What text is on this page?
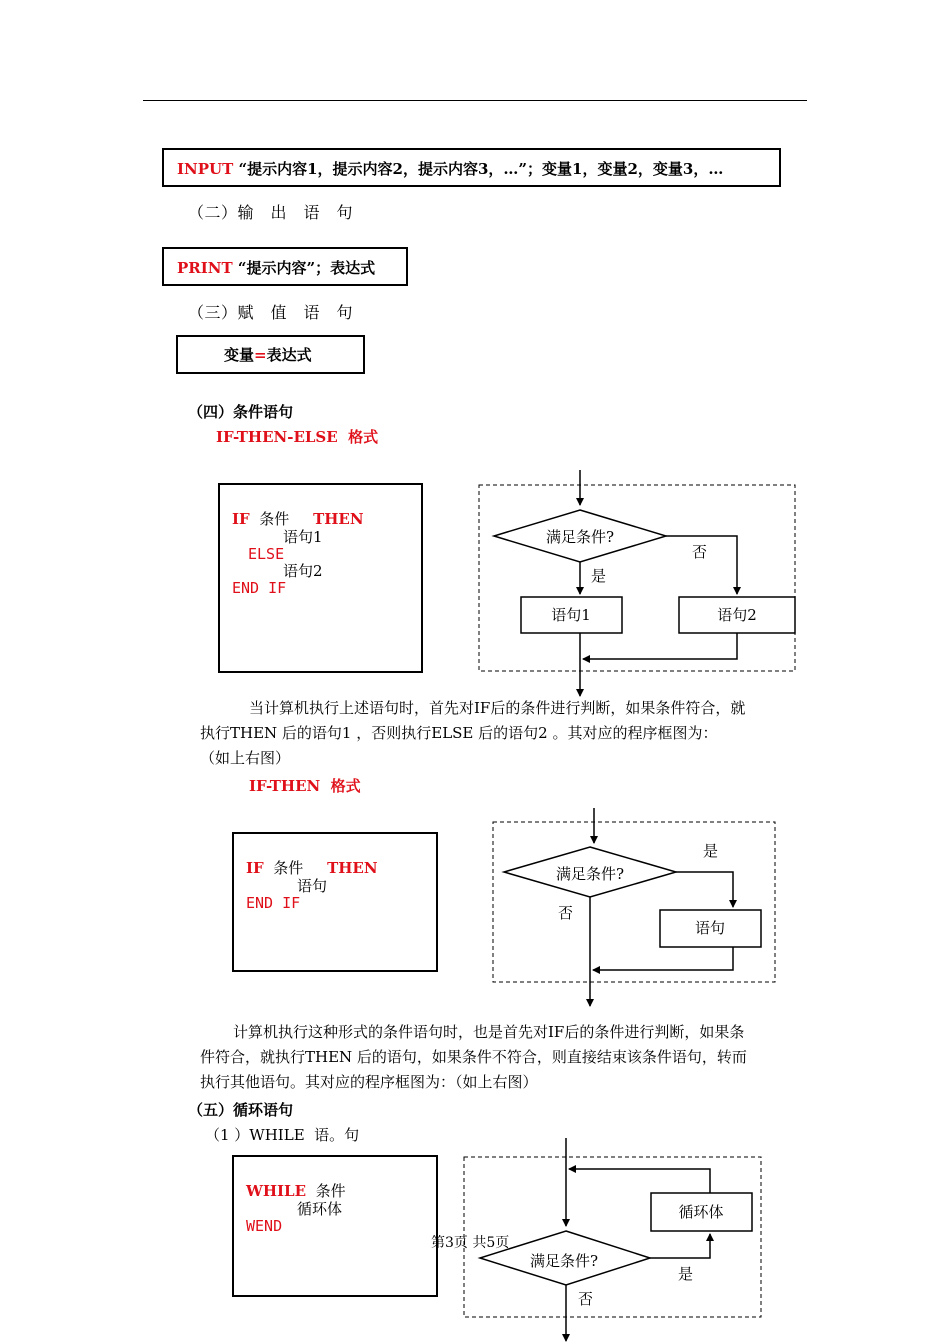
INPUT “提示内容1，提示内容2，提示内容3，…”；变量1，变量2，变量3，…
（二）输　出　语　句
PRINT “提示内容”；表达式
（三）赋　值　语　句
变量=表达式
（四）条件语句
IF-THEN-ELSE  格式
IF 条件 THEN
语句1
ELSE
语句2
END IF
满足条件?
否
是
语句1	语句2
当计算机执行上述语句时，首先对IF后的条件进行判断，如果条件符合，就
执行THEN 后的语句1 ，否则执行ELSE 后的语句2 。其对应的程序框图为：
（如上右图）
IF-THEN  格式
IF 条件 THEN
语句
END IF
满足条件?
是
语句
否
计算机执行这种形式的条件语句时，也是首先对IF后的条件进行判断，如果条
件符合，就执行THEN 后的语句，如果条件不符合，则直接结束该条件语句，转而
执行其他语句。其对应的程序框图为：（如上右图）
（五）循环语句
（1 ）WHILE  语。句
WHILE 条件
循环体
WEND
循环体
满足条件?
是
否
第3页 共5页
